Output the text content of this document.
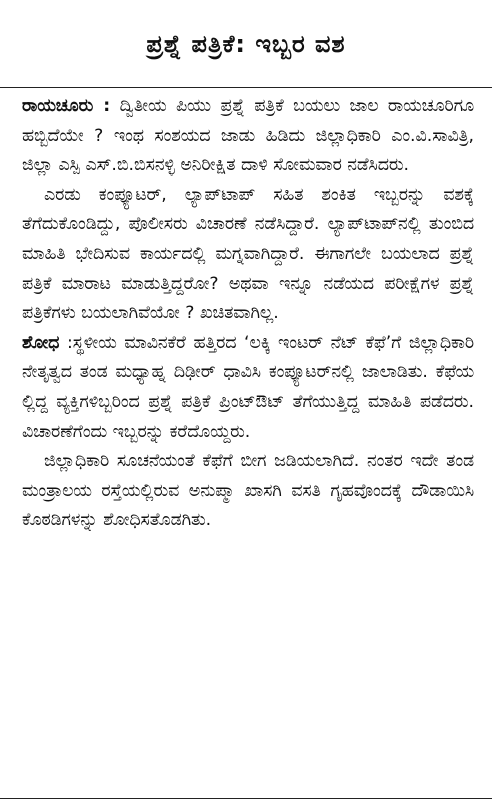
ಪ್ರಶ್ನೆ ಪತ್ರಿಕೆ: ಇಬ್ಬರ ವಶ

ರಾಯಚೂರು : ದ್ವಿತೀಯ ಪಿಯು ಪ್ರಶ್ನೆ ಪತ್ರಿಕೆ ಬಯಲು ಜಾಲ ರಾಯಚೂರಿಗೂ ಹಬ್ಬಿದೆಯೇ ? ಇಂಥ ಸಂಶಯದ ಜಾಡು ಹಿಡಿದು ಜಿಲ್ಲಾಧಿಕಾರಿ ಎಂ.ವಿ.ಸಾವಿತ್ರಿ, ಜಿಲ್ಲಾ ಎಸ್ಪಿ ಎಸ್.ಬಿ.ಬಿಸನಳ್ಳಿ ಅನಿರೀಕ್ಷಿತ ದಾಳಿ ಸೋಮವಾರ ನಡೆಸಿದರು.

ಎರಡು ಕಂಪ್ಯೂಟರ್, ಲ್ಯಾಪ್‌ಟಾಪ್ ಸಹಿತ ಶಂಕಿತ ಇಬ್ಬರನ್ನು ವಶಕ್ಕೆ ತೆಗೆದುಕೊಂಡಿದ್ದು, ಪೊಲೀಸರು ವಿಚಾರಣೆ ನಡೆಸಿದ್ದಾರೆ. ಲ್ಯಾಪ್‌ಟಾಪ್‌ನಲ್ಲಿ ತುಂಬಿದ ಮಾಹಿತಿ ಭೇದಿಸುವ ಕಾರ್ಯದಲ್ಲಿ ಮಗ್ನವಾಗಿದ್ದಾರೆ. ಈಗಾಗಲೇ ಬಯಲಾದ ಪ್ರಶ್ನೆ ಪತ್ರಿಕೆ ಮಾರಾಟ ಮಾಡುತ್ತಿದ್ದರೋ? ಅಥವಾ ಇನ್ನೂ ನಡೆಯದ ಪರೀಕ್ಷೆಗಳ ಪ್ರಶ್ನೆ ಪತ್ರಿಕೆಗಳು ಬಯಲಾಗಿವೆಯೋ ? ಖಚಿತವಾಗಿಲ್ಲ.

ಶೋಧ :ಸ್ಥಳೀಯ ಮಾವಿನಕೆರೆ ಹತ್ತಿರದ ‘ಲಕ್ಕಿ ಇಂಟರ್ ನೆಟ್ ಕೆಫೆ’ಗೆ ಜಿಲ್ಲಾಧಿಕಾರಿ ನೇತೃತ್ವದ ತಂಡ ಮಧ್ಯಾಹ್ನ ದಿಢೀರ್ ಧಾವಿಸಿ ಕಂಪ್ಯೂಟರ್‌ನಲ್ಲಿ ಜಾಲಾಡಿತು. ಕೆಫೆಯ ಲ್ಲಿದ್ದ ವ್ಯಕ್ತಿಗಳಿಬ್ಬರಿಂದ ಪ್ರಶ್ನೆ ಪತ್ರಿಕೆ ಪ್ರಿಂಟ್‌ಔಟ್ ತೆಗೆಯುತ್ತಿದ್ದ ಮಾಹಿತಿ ಪಡೆದರು. ವಿಚಾರಣೆಗೆಂದು ಇಬ್ಬರನ್ನು ಕರೆದೊಯ್ದರು.

ಜಿಲ್ಲಾಧಿಕಾರಿ ಸೂಚನೆಯಂತೆ ಕೆಫೆಗೆ ಬೀಗ ಜಡಿಯಲಾಗಿದೆ. ನಂತರ ಇದೇ ತಂಡ ಮಂತ್ರಾಲಯ ರಸ್ತೆಯಲ್ಲಿರುವ ಅನುಪ್ಮಾ ಖಾಸಗಿ ವಸತಿ ಗೃಹವೊಂದಕ್ಕೆ ದೌಡಾಯಿಸಿ ಕೊಠಡಿಗಳನ್ನು ಶೋಧಿಸತೊಡಗಿತು.
